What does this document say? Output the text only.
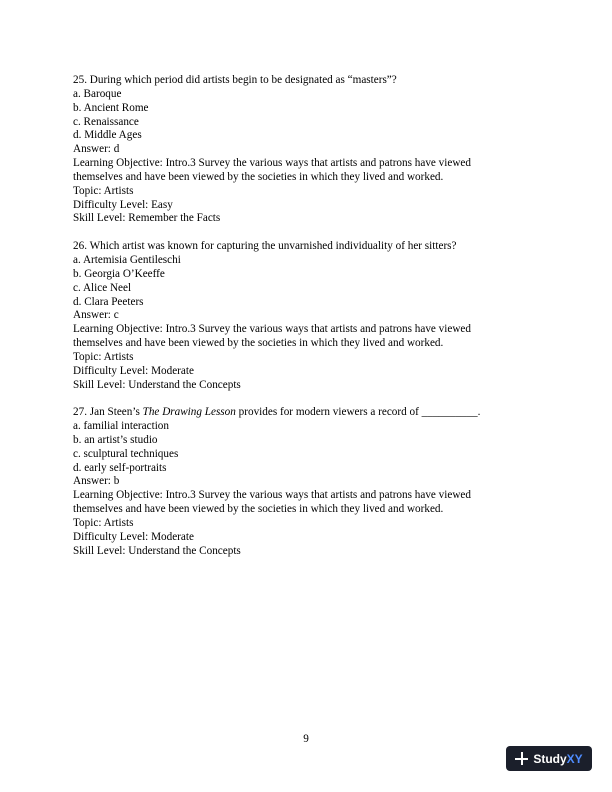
25. During which period did artists begin to be designated as “masters”?
a. Baroque
b. Ancient Rome
c. Renaissance
d. Middle Ages
Answer: d
Learning Objective: Intro.3 Survey the various ways that artists and patrons have viewed
themselves and have been viewed by the societies in which they lived and worked.
Topic: Artists
Difficulty Level: Easy
Skill Level: Remember the Facts
26. Which artist was known for capturing the unvarnished individuality of her sitters?
a. Artemisia Gentileschi
b. Georgia O’Keeffe
c. Alice Neel
d. Clara Peeters
Answer: c
Learning Objective: Intro.3 Survey the various ways that artists and patrons have viewed
themselves and have been viewed by the societies in which they lived and worked.
Topic: Artists
Difficulty Level: Moderate
Skill Level: Understand the Concepts
27. Jan Steen’s The Drawing Lesson provides for modern viewers a record of __________.
a. familial interaction
b. an artist’s studio
c. sculptural techniques
d. early self-portraits
Answer: b
Learning Objective: Intro.3 Survey the various ways that artists and patrons have viewed
themselves and have been viewed by the societies in which they lived and worked.
Topic: Artists
Difficulty Level: Moderate
Skill Level: Understand the Concepts
9
StudyXY
